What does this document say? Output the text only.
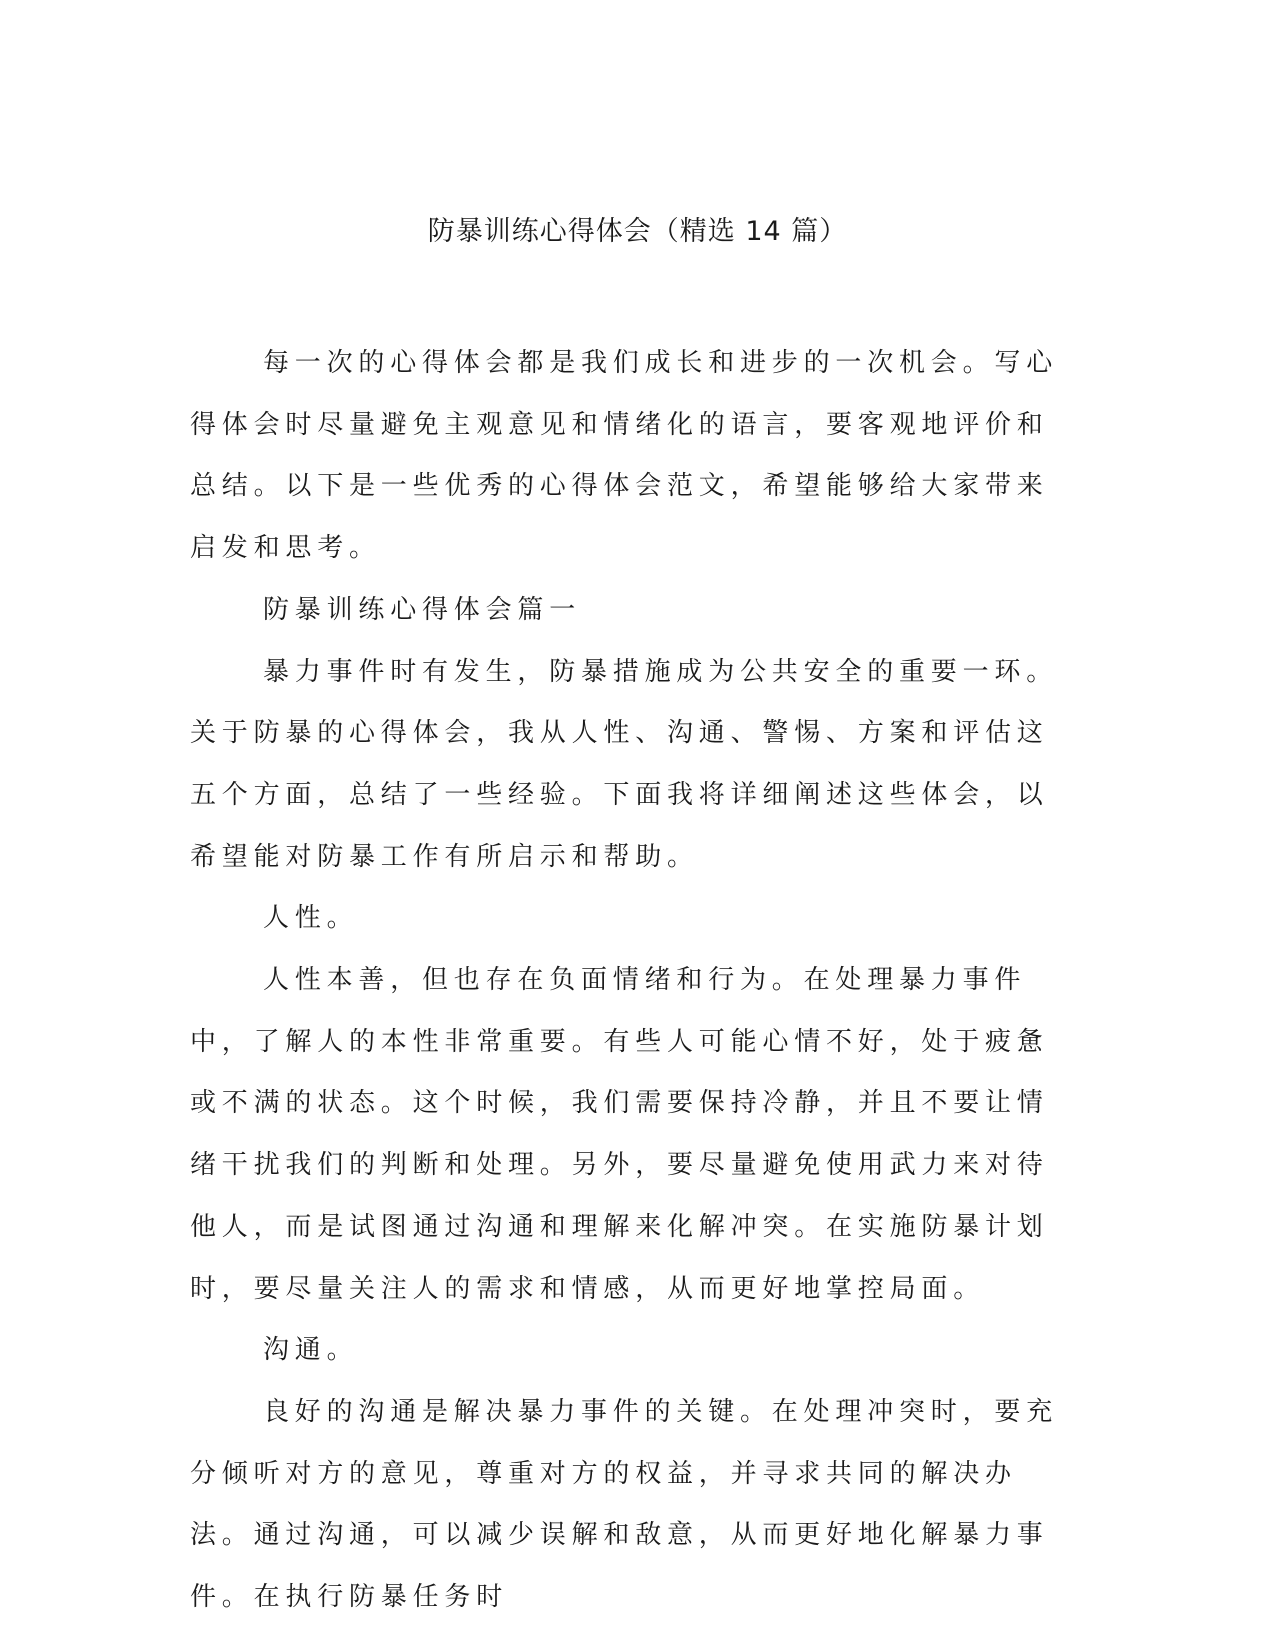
防暴训练心得体会（精选 14 篇）

每一次的心得体会都是我们成长和进步的一次机会。写心得体会时尽量避免主观意见和情绪化的语言，要客观地评价和总结。以下是一些优秀的心得体会范文，希望能够给大家带来启发和思考。

防暴训练心得体会篇一

暴力事件时有发生，防暴措施成为公共安全的重要一环。关于防暴的心得体会，我从人性、沟通、警惕、方案和评估这五个方面，总结了一些经验。下面我将详细阐述这些体会，以希望能对防暴工作有所启示和帮助。

人性。

人性本善，但也存在负面情绪和行为。在处理暴力事件中，了解人的本性非常重要。有些人可能心情不好，处于疲惫或不满的状态。这个时候，我们需要保持冷静，并且不要让情绪干扰我们的判断和处理。另外，要尽量避免使用武力来对待他人，而是试图通过沟通和理解来化解冲突。在实施防暴计划时，要尽量关注人的需求和情感，从而更好地掌控局面。

沟通。

良好的沟通是解决暴力事件的关键。在处理冲突时，要充分倾听对方的意见，尊重对方的权益，并寻求共同的解决办法。通过沟通，可以减少误解和敌意，从而更好地化解暴力事件。在执行防暴任务时
